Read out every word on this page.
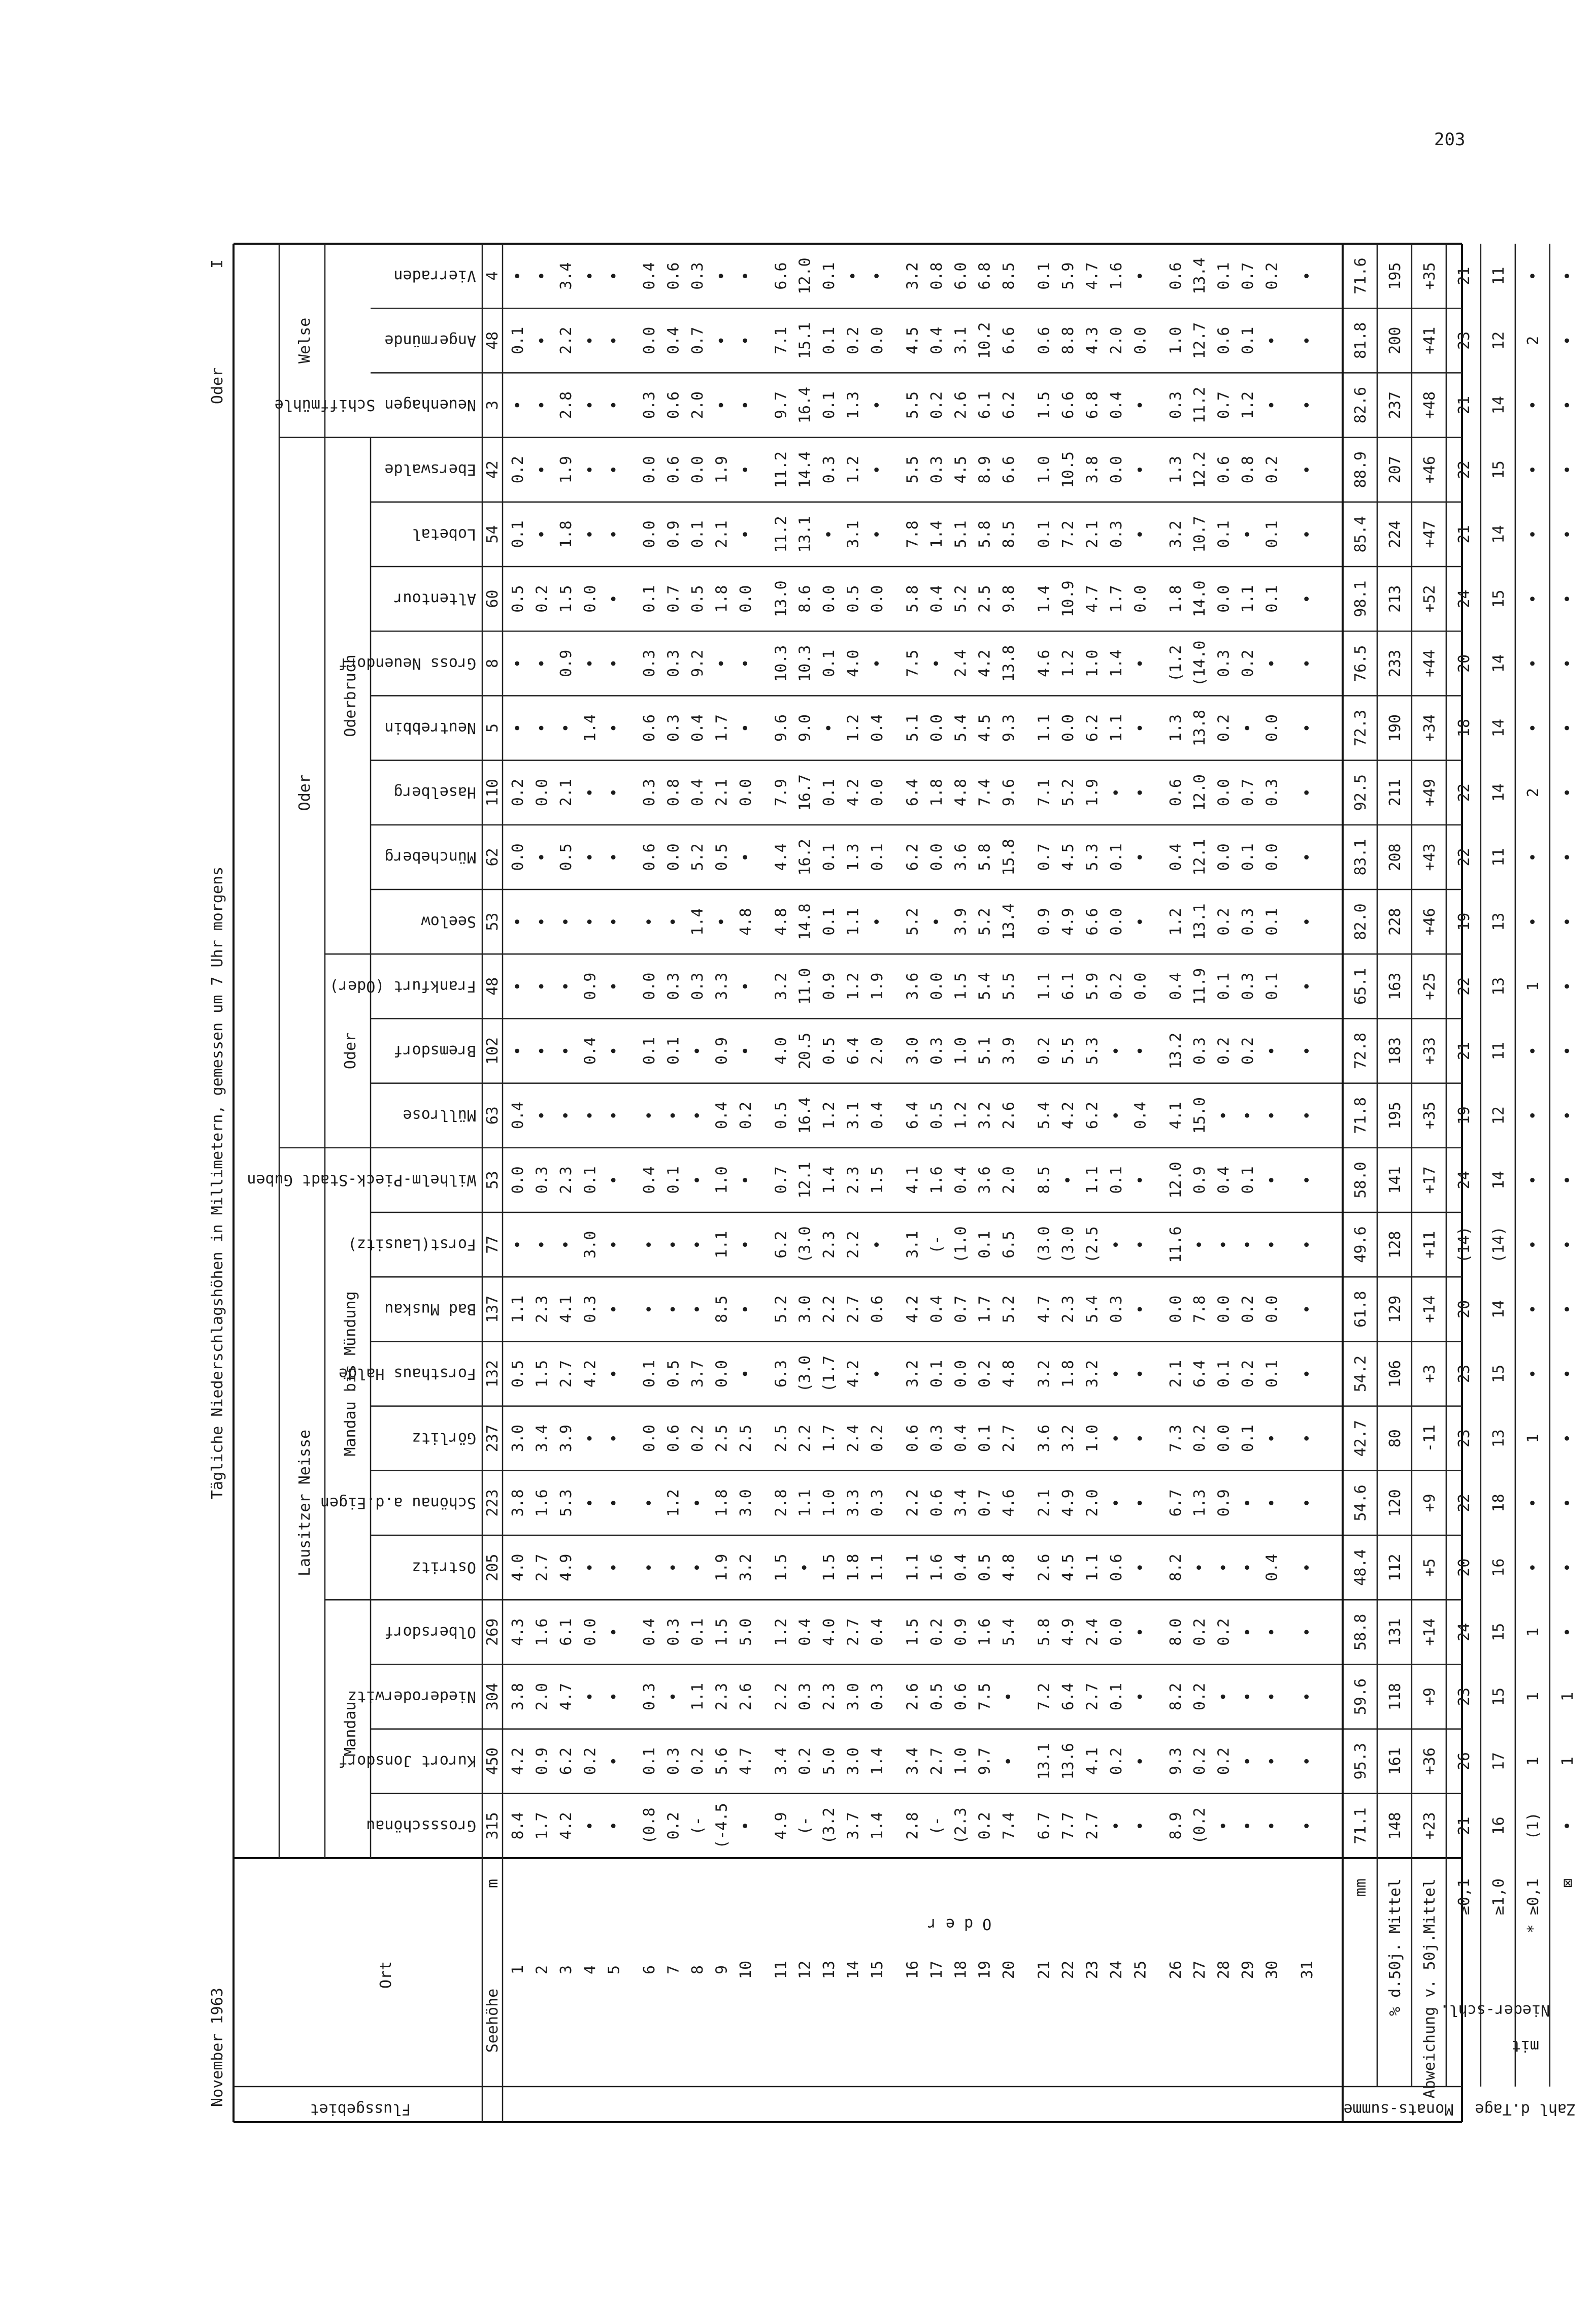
203
November 1963
Tägliche Niederschlagshöhen in Millimetern, gemessen um 7 Uhr morgens
Oder
I
Flussgebiet
Ort
Seehöhe
m
O d e r
Lausitzer Neisse
Oder
Welse
Mandau
Mandau bis Mündung
Oder
Oderbruch
Grossschönau 315 8.4 1.7 4.2 • • (0.8 0.2 (- (-4.5 • 4.9 (- (3.2 3.7 1.4 2.8 (- (2.3 0.2 7.4 6.7 7.7 2.7 • • 8.9 (0.2 • • • • 71.1 148 +23 21 16 (1) •
Kurort Jonsdorf 450 4.2 0.9 6.2 0.2 • 0.1 0.3 0.2 5.6 4.7 3.4 0.2 5.0 3.0 1.4 3.4 2.7 1.0 9.7 • 13.1 13.6 4.1 0.2 • 9.3 0.2 0.2 • • • 95.3 161 +36 26 17 1 1
Niederoderwitz 304 3.8 2.0 4.7 • • 0.3 • 1.1 2.3 2.6 2.2 0.3 2.3 3.0 0.3 2.6 0.5 0.6 7.5 • 7.2 6.4 2.7 0.1 • 8.2 0.2 • • • • 59.6 118 +9 23 15 1 1
Olbersdorf 269 4.3 1.6 6.1 0.0 • 0.4 0.3 0.1 1.5 5.0 1.2 0.4 4.0 2.7 0.4 1.5 0.2 0.9 1.6 5.4 5.8 4.9 2.4 0.0 • 8.0 0.2 0.2 • • • 58.8 131 +14 24 15 1 •
Ostritz 205 4.0 2.7 4.9 • • • • • 1.9 3.2 1.5 • 1.5 1.8 1.1 1.1 1.6 0.4 0.5 4.8 2.6 4.5 1.1 0.6 • 8.2 • • • 0.4 • 48.4 112 +5 20 16 • •
Schönau a.d.Eigen 223 3.8 1.6 5.3 • • • 1.2 • 1.8 3.0 2.8 1.1 1.0 3.3 0.3 2.2 0.6 3.4 0.7 4.6 2.1 4.9 2.0 • • 6.7 1.3 0.9 • • • 54.6 120 +9 22 18 • •
Görlitz 237 3.0 3.4 3.9 • • 0.0 0.6 0.2 2.5 2.5 2.5 2.2 1.7 2.4 0.2 0.6 0.3 0.4 0.1 2.7 3.6 3.2 1.0 • • 7.3 0.2 0.0 0.1 • • 42.7 80 -11 23 13 1 •
Forsthaus Halde 132 0.5 1.5 2.7 4.2 • 0.1 0.5 3.7 0.0 • 6.3 (3.0 (1.7 4.2 • 3.2 0.1 0.0 0.2 4.8 3.2 1.8 3.2 • • 2.1 6.4 0.1 0.2 0.1 • 54.2 106 +3 23 15 • •
Bad Muskau 137 1.1 2.3 4.1 0.3 • • • • 8.5 • 5.2 3.0 2.2 2.7 0.6 4.2 0.4 0.7 1.7 5.2 4.7 2.3 5.4 0.3 • 0.0 7.8 0.0 0.2 0.0 • 61.8 129 +14 20 14 • •
Forst(Lausitz) 77 • • • 3.0 • • • • 1.1 • 6.2 (3.0 2.3 2.2 • 3.1 (- (1.0 0.1 6.5 (3.0 (3.0 (2.5 • • 11.6 • • • • • 49.6 128 +11 (14) (14) • •
Wilhelm-Pieck-Stadt Guben 53 0.0 0.3 2.3 0.1 • 0.4 0.1 • 1.0 • 0.7 12.1 1.4 2.3 1.5 4.1 1.6 0.4 3.6 2.0 8.5 • 1.1 0.1 • 12.0 0.9 0.4 0.1 • • 58.0 141 +17 24 14 • •
Müllrose 63 0.4 • • • • • • • 0.4 0.2 0.5 16.4 1.2 3.1 0.4 6.4 0.5 1.2 3.2 2.6 5.4 4.2 6.2 • 0.4 4.1 15.0 • • • • 71.8 195 +35 19 12 • •
Bremsdorf 102 • • • 0.4 • 0.1 0.1 • 0.9 • 4.0 20.5 0.5 6.4 2.0 3.0 0.3 1.0 5.1 3.9 0.2 5.5 5.3 • • 13.2 0.3 0.2 0.2 • • 72.8 183 +33 21 11 • •
Frankfurt (Oder) 48 • • • 0.9 • 0.0 0.3 0.3 3.3 • 3.2 11.0 0.9 1.2 1.9 3.6 0.0 1.5 5.4 5.5 1.1 6.1 5.9 0.2 0.0 0.4 11.9 0.1 0.3 0.1 • 65.1 163 +25 22 13 1 •
Seelow 53 • • • • • • • 1.4 • 4.8 4.8 14.8 0.1 1.1 • 5.2 • 3.9 5.2 13.4 0.9 4.9 6.6 0.0 • 1.2 13.1 0.2 0.3 0.1 • 82.0 228 +46 19 13 • •
Müncheberg 62 0.0 • 0.5 • • 0.6 0.0 5.2 0.5 • 4.4 16.2 0.1 1.3 0.1 6.2 0.0 3.6 5.8 15.8 0.7 4.5 5.3 0.1 • 0.4 12.1 0.0 0.1 0.0 • 83.1 208 +43 22 11 • •
Haselberg 110 0.2 0.0 2.1 • • 0.3 0.8 0.4 2.1 0.0 7.9 16.7 0.1 4.2 0.0 6.4 1.8 4.8 7.4 9.6 7.1 5.2 1.9 • • 0.6 12.0 0.0 0.7 0.3 • 92.5 211 +49 22 14 2 •
Neutrebbin 5 • • • 1.4 • 0.6 0.3 0.4 1.7 • 9.6 9.0 • 1.2 0.4 5.1 0.0 5.4 4.5 9.3 1.1 0.0 6.2 1.1 • 1.3 13.8 0.2 • 0.0 • 72.3 190 +34 18 14 • •
Gross Neuendorf 8 • • 0.9 • • 0.3 0.3 9.2 • • 10.3 10.3 0.1 4.0 • 7.5 • 2.4 4.2 13.8 4.6 1.2 1.0 1.4 • (1.2 (14.0 0.3 0.2 • • 76.5 233 +44 20 14 • •
Altentour 60 0.5 0.2 1.5 0.0 • 0.1 0.7 0.5 1.8 0.0 13.0 8.6 0.0 0.5 0.0 5.8 0.4 5.2 2.5 9.8 1.4 10.9 4.7 1.7 0.0 1.8 14.0 0.0 1.1 0.1 • 98.1 213 +52 24 15 • •
Lobetal 54 0.1 • 1.8 • • 0.0 0.9 0.1 2.1 • 11.2 13.1 • 3.1 • 7.8 1.4 5.1 5.8 8.5 0.1 7.2 2.1 0.3 • 3.2 10.7 0.1 • 0.1 • 85.4 224 +47 21 14 • •
Eberswalde 42 0.2 • 1.9 • • 0.0 0.6 0.0 1.9 • 11.2 14.4 0.3 1.2 • 5.5 0.3 4.5 8.9 6.6 1.0 10.5 3.8 0.0 • 1.3 12.2 0.6 0.8 0.2 • 88.9 207 +46 22 15 • •
Neuenhagen Schiffmühle 3 • • 2.8 • • 0.3 0.6 2.0 • • 9.7 16.4 0.1 1.3 • 5.5 0.2 2.6 6.1 6.2 1.5 6.6 6.8 0.4 • 0.3 11.2 0.7 1.2 • • 82.6 237 +48 21 14 • •
Angermünde 48 0.1 • 2.2 • • 0.0 0.4 0.7 • • 7.1 15.1 0.1 0.2 0.0 4.5 0.4 3.1 10.2 6.6 0.6 8.8 4.3 2.0 0.0 1.0 12.7 0.6 0.1 • • 81.8 200 +41 23 12 2 •
Vierraden 4 • • 3.4 • • 0.4 0.6 0.3 • • 6.6 12.0 0.1 • • 3.2 0.8 6.0 6.8 8.5 0.1 5.9 4.7 1.6 • 0.6 13.4 0.1 0.7 0.2 • 71.6 195 +35 21 11 • •
1 2 3 4 5 6 7 8 9 10 11 12 13 14 15 16 17 18 19 20 21 22 23 24 25 26 27 28 29 30 31
mm % d.50j. Mittel Abweichung v. 50j.Mittel ≥0,1 ≥1,0 * ≥0,1 ⊠
Monats-summe Zahl d.Tage
Nieder-schl.
mit
